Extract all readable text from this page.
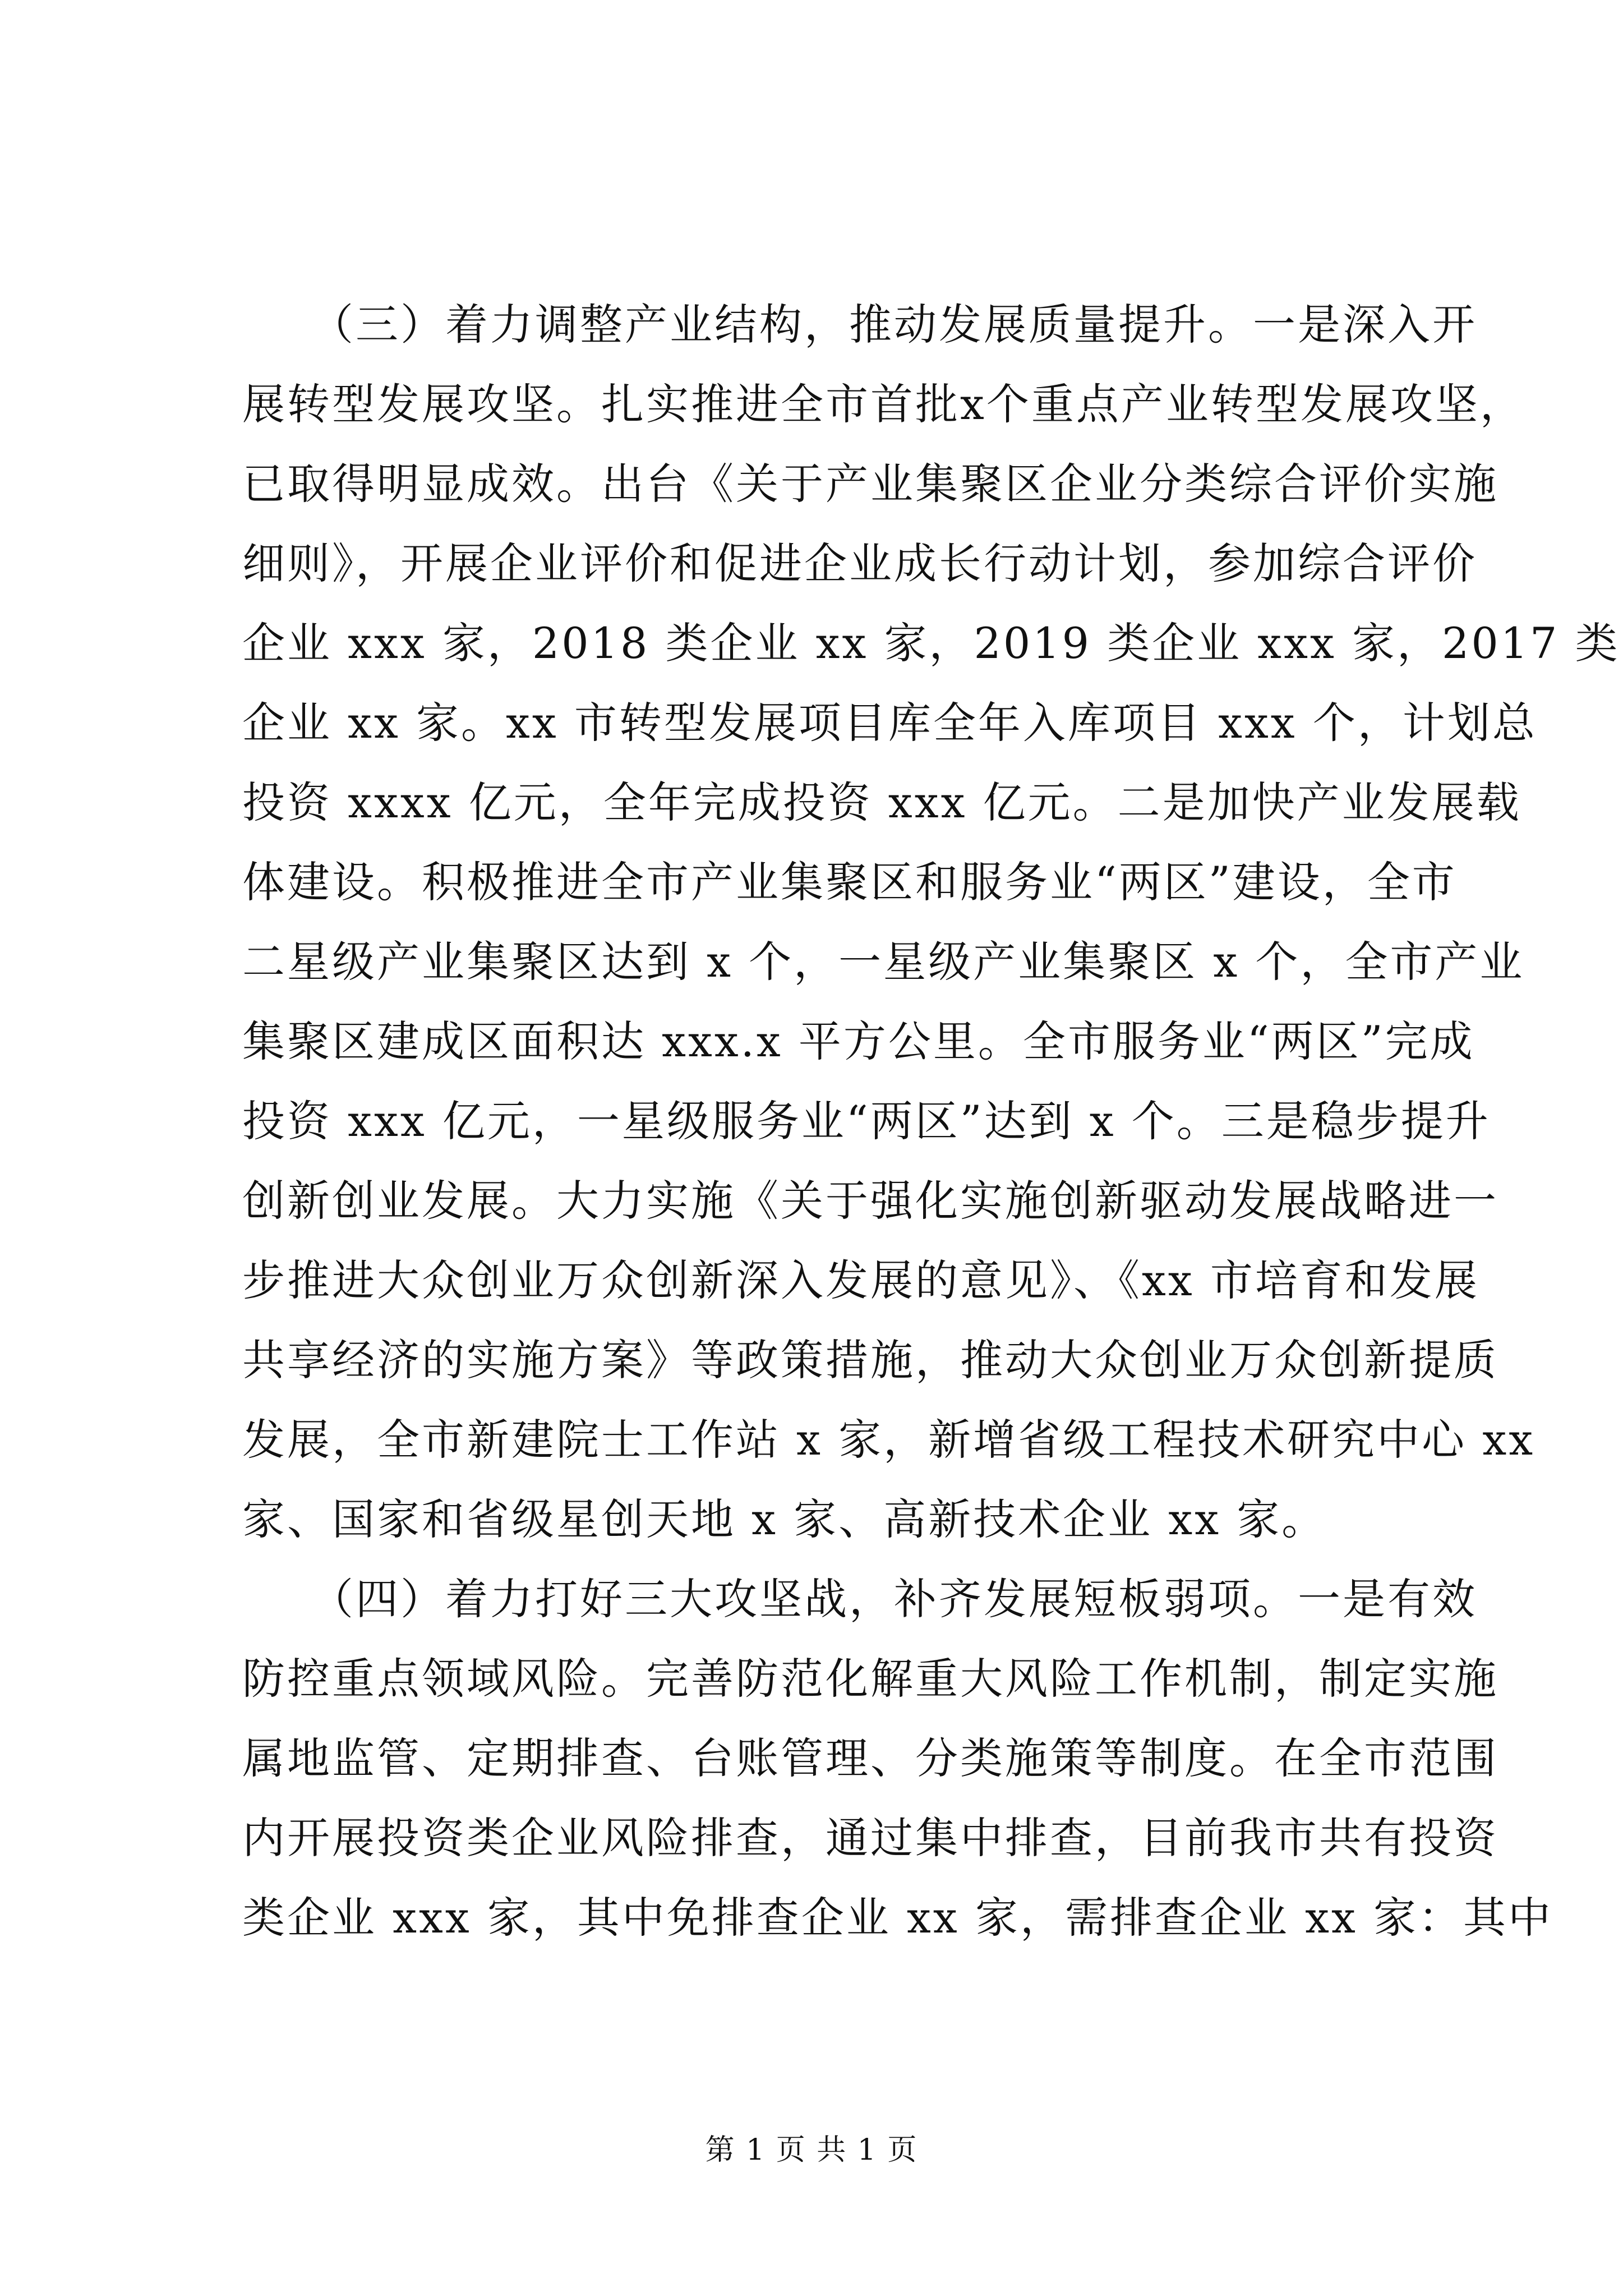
　　（三）着力调整产业结构，推动发展质量提升。一是深入开
展转型发展攻坚。扎实推进全市首批x个重点产业转型发展攻坚，
已取得明显成效。出台《关于产业集聚区企业分类综合评价实施
细则》，开展企业评价和促进企业成长行动计划，参加综合评价
企业 xxx 家，2018 类企业 xx 家，2019 类企业 xxx 家，2017 类
企业 xx 家。xx 市转型发展项目库全年入库项目 xxx 个，计划总
投资 xxxx 亿元，全年完成投资 xxx 亿元。二是加快产业发展载
体建设。积极推进全市产业集聚区和服务业“两区”建设，全市
二星级产业集聚区达到 x 个，一星级产业集聚区 x 个，全市产业
集聚区建成区面积达 xxx.x 平方公里。全市服务业“两区”完成
投资 xxx 亿元，一星级服务业“两区”达到 x 个。三是稳步提升
创新创业发展。大力实施《关于强化实施创新驱动发展战略进一
步推进大众创业万众创新深入发展的意见》、《xx 市培育和发展
共享经济的实施方案》等政策措施，推动大众创业万众创新提质
发展，全市新建院士工作站 x 家，新增省级工程技术研究中心 xx
家、国家和省级星创天地 x 家、高新技术企业 xx 家。
　　（四）着力打好三大攻坚战，补齐发展短板弱项。一是有效
防控重点领域风险。完善防范化解重大风险工作机制，制定实施
属地监管、定期排查、台账管理、分类施策等制度。在全市范围
内开展投资类企业风险排查，通过集中排查，目前我市共有投资
类企业 xxx 家，其中免排查企业 xx 家，需排查企业 xx 家：其中
第 1 页 共 1 页
